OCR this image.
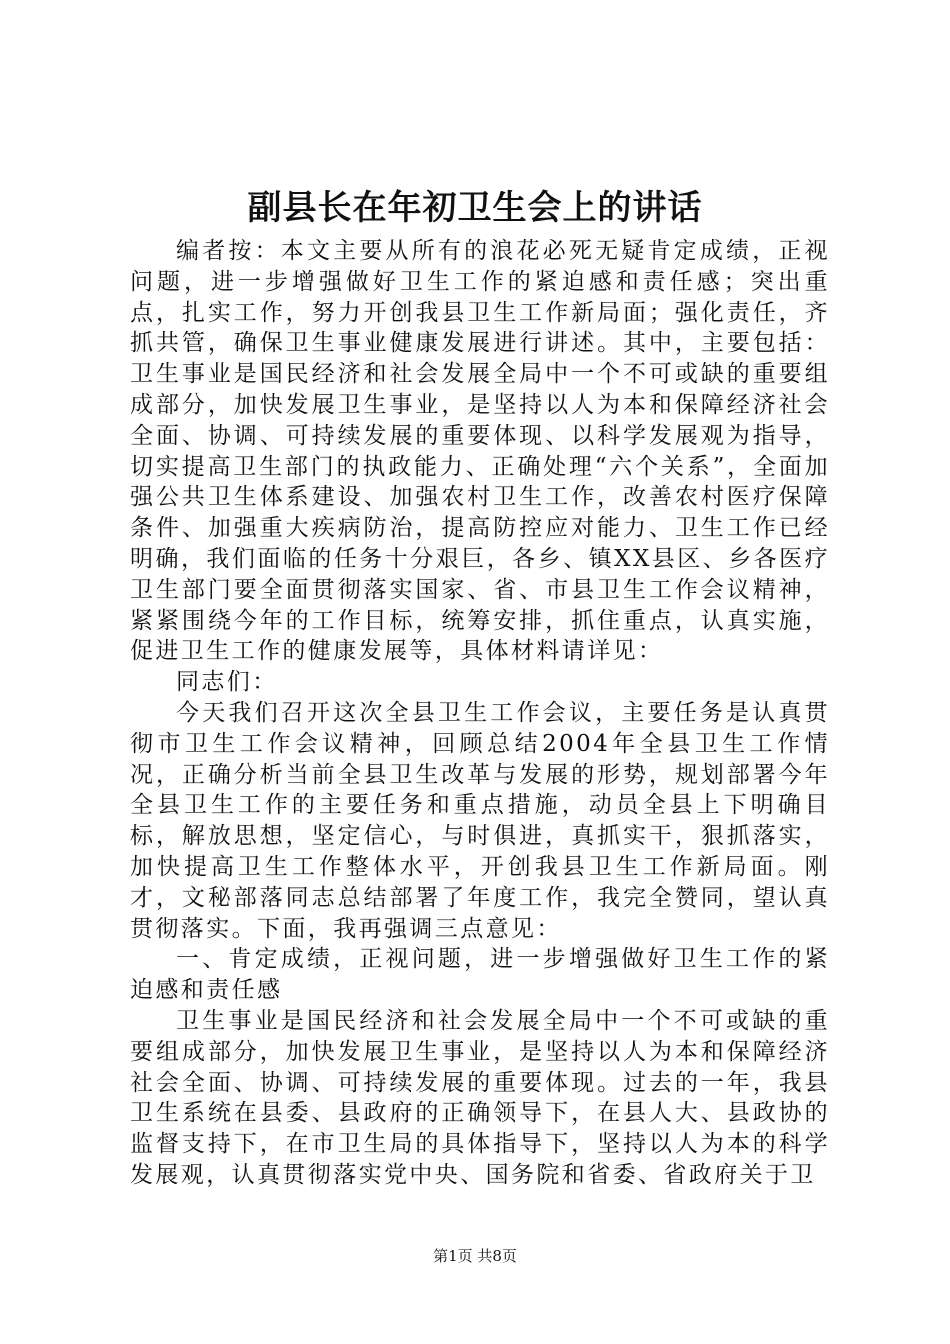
副县长在年初卫生会上的讲话

编者按：本文主要从所有的浪花必死无疑肯定成绩，正视问题，进一步增强做好卫生工作的紧迫感和责任感；突出重点，扎实工作，努力开创我县卫生工作新局面；强化责任，齐抓共管，确保卫生事业健康发展进行讲述。其中，主要包括：卫生事业是国民经济和社会发展全局中一个不可或缺的重要组成部分，加快发展卫生事业，是坚持以人为本和保障经济社会全面、协调、可持续发展的重要体现、以科学发展观为指导，切实提高卫生部门的执政能力、正确处理“六个关系”，全面加强公共卫生体系建设、加强农村卫生工作，改善农村医疗保障条件、加强重大疾病防治，提高防控应对能力、卫生工作已经明确，我们面临的任务十分艰巨，各乡、镇XX县区、乡各医疗卫生部门要全面贯彻落实国家、省、市县卫生工作会议精神，紧紧围绕今年的工作目标，统筹安排，抓住重点，认真实施，促进卫生工作的健康发展等，具体材料请详见：

同志们：

今天我们召开这次全县卫生工作会议，主要任务是认真贯彻市卫生工作会议精神，回顾总结2004年全县卫生工作情况，正确分析当前全县卫生改革与发展的形势，规划部署今年全县卫生工作的主要任务和重点措施，动员全县上下明确目标，解放思想，坚定信心，与时俱进，真抓实干，狠抓落实，加快提高卫生工作整体水平，开创我县卫生工作新局面。刚才，文秘部落同志总结部署了年度工作，我完全赞同，望认真贯彻落实。下面，我再强调三点意见：

一、肯定成绩，正视问题，进一步增强做好卫生工作的紧迫感和责任感

卫生事业是国民经济和社会发展全局中一个不可或缺的重要组成部分，加快发展卫生事业，是坚持以人为本和保障经济社会全面、协调、可持续发展的重要体现。过去的一年，我县卫生系统在县委、县政府的正确领导下，在县人大、县政协的监督支持下，在市卫生局的具体指导下，坚持以人为本的科学发展观，认真贯彻落实党中央、国务院和省委、省政府关于卫

第1页 共8页
